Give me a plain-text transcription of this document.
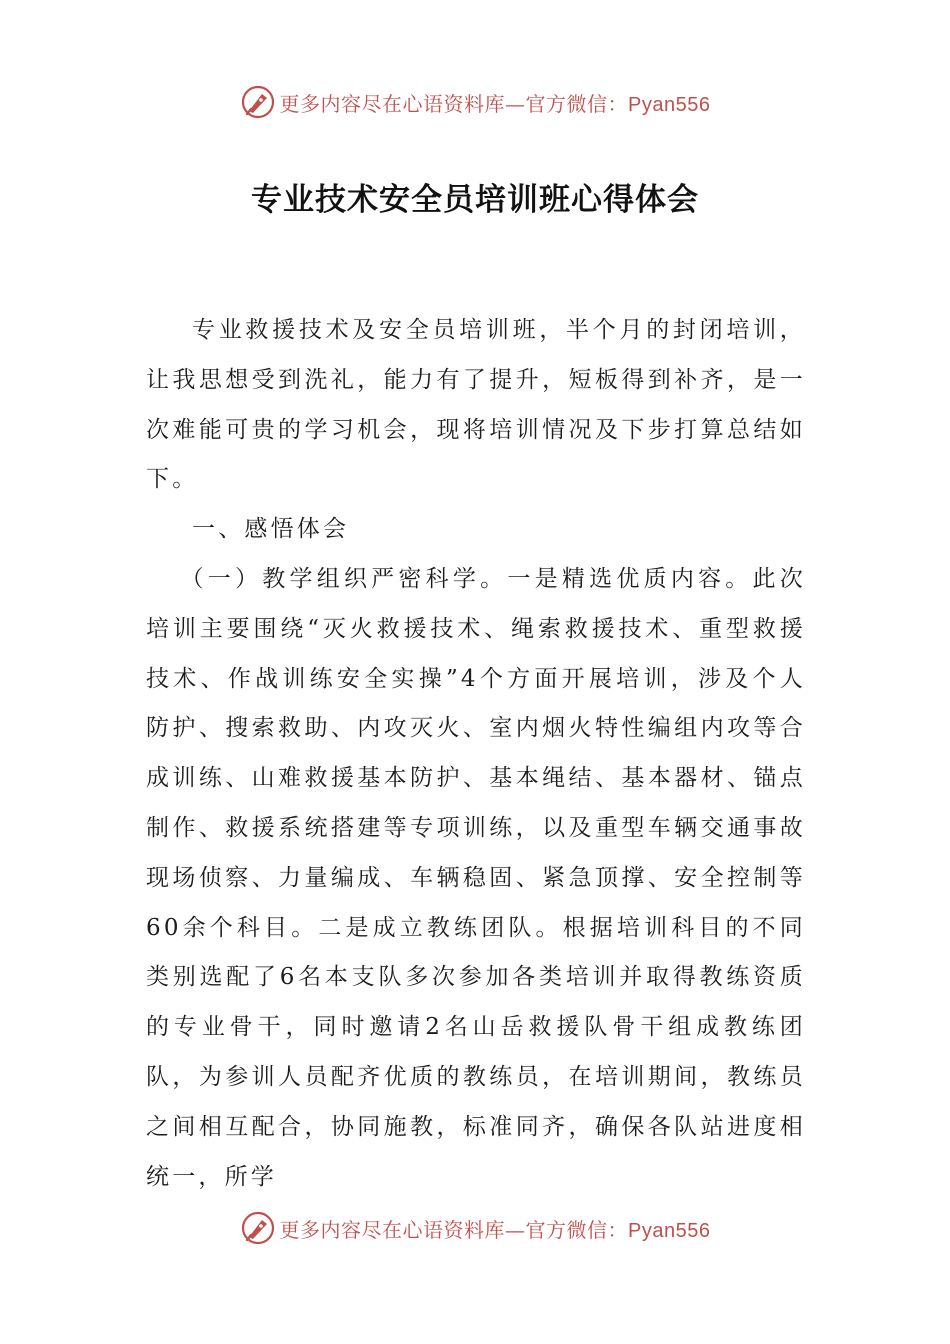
更多内容尽在心语资料库—官方微信：Pyan556
专业技术安全员培训班心得体会

专业救援技术及安全员培训班，半个月的封闭培训，让我思想受到洗礼，能力有了提升，短板得到补齐，是一次难能可贵的学习机会，现将培训情况及下步打算总结如下。

一、感悟体会

（一）教学组织严密科学。一是精选优质内容。此次培训主要围绕“灭火救援技术、绳索救援技术、重型救援技术、作战训练安全实操”4个方面开展培训，涉及个人防护、搜索救助、内攻灭火、室内烟火特性编组内攻等合成训练、山难救援基本防护、基本绳结、基本器材、锚点制作、救援系统搭建等专项训练，以及重型车辆交通事故现场侦察、力量编成、车辆稳固、紧急顶撑、安全控制等60余个科目。二是成立教练团队。根据培训科目的不同类别选配了6名本支队多次参加各类培训并取得教练资质的专业骨干，同时邀请2名山岳救援队骨干组成教练团队，为参训人员配齐优质的教练员，在培训期间，教练员之间相互配合，协同施教，标准同齐，确保各队站进度相统一，所学

更多内容尽在心语资料库—官方微信：Pyan556
